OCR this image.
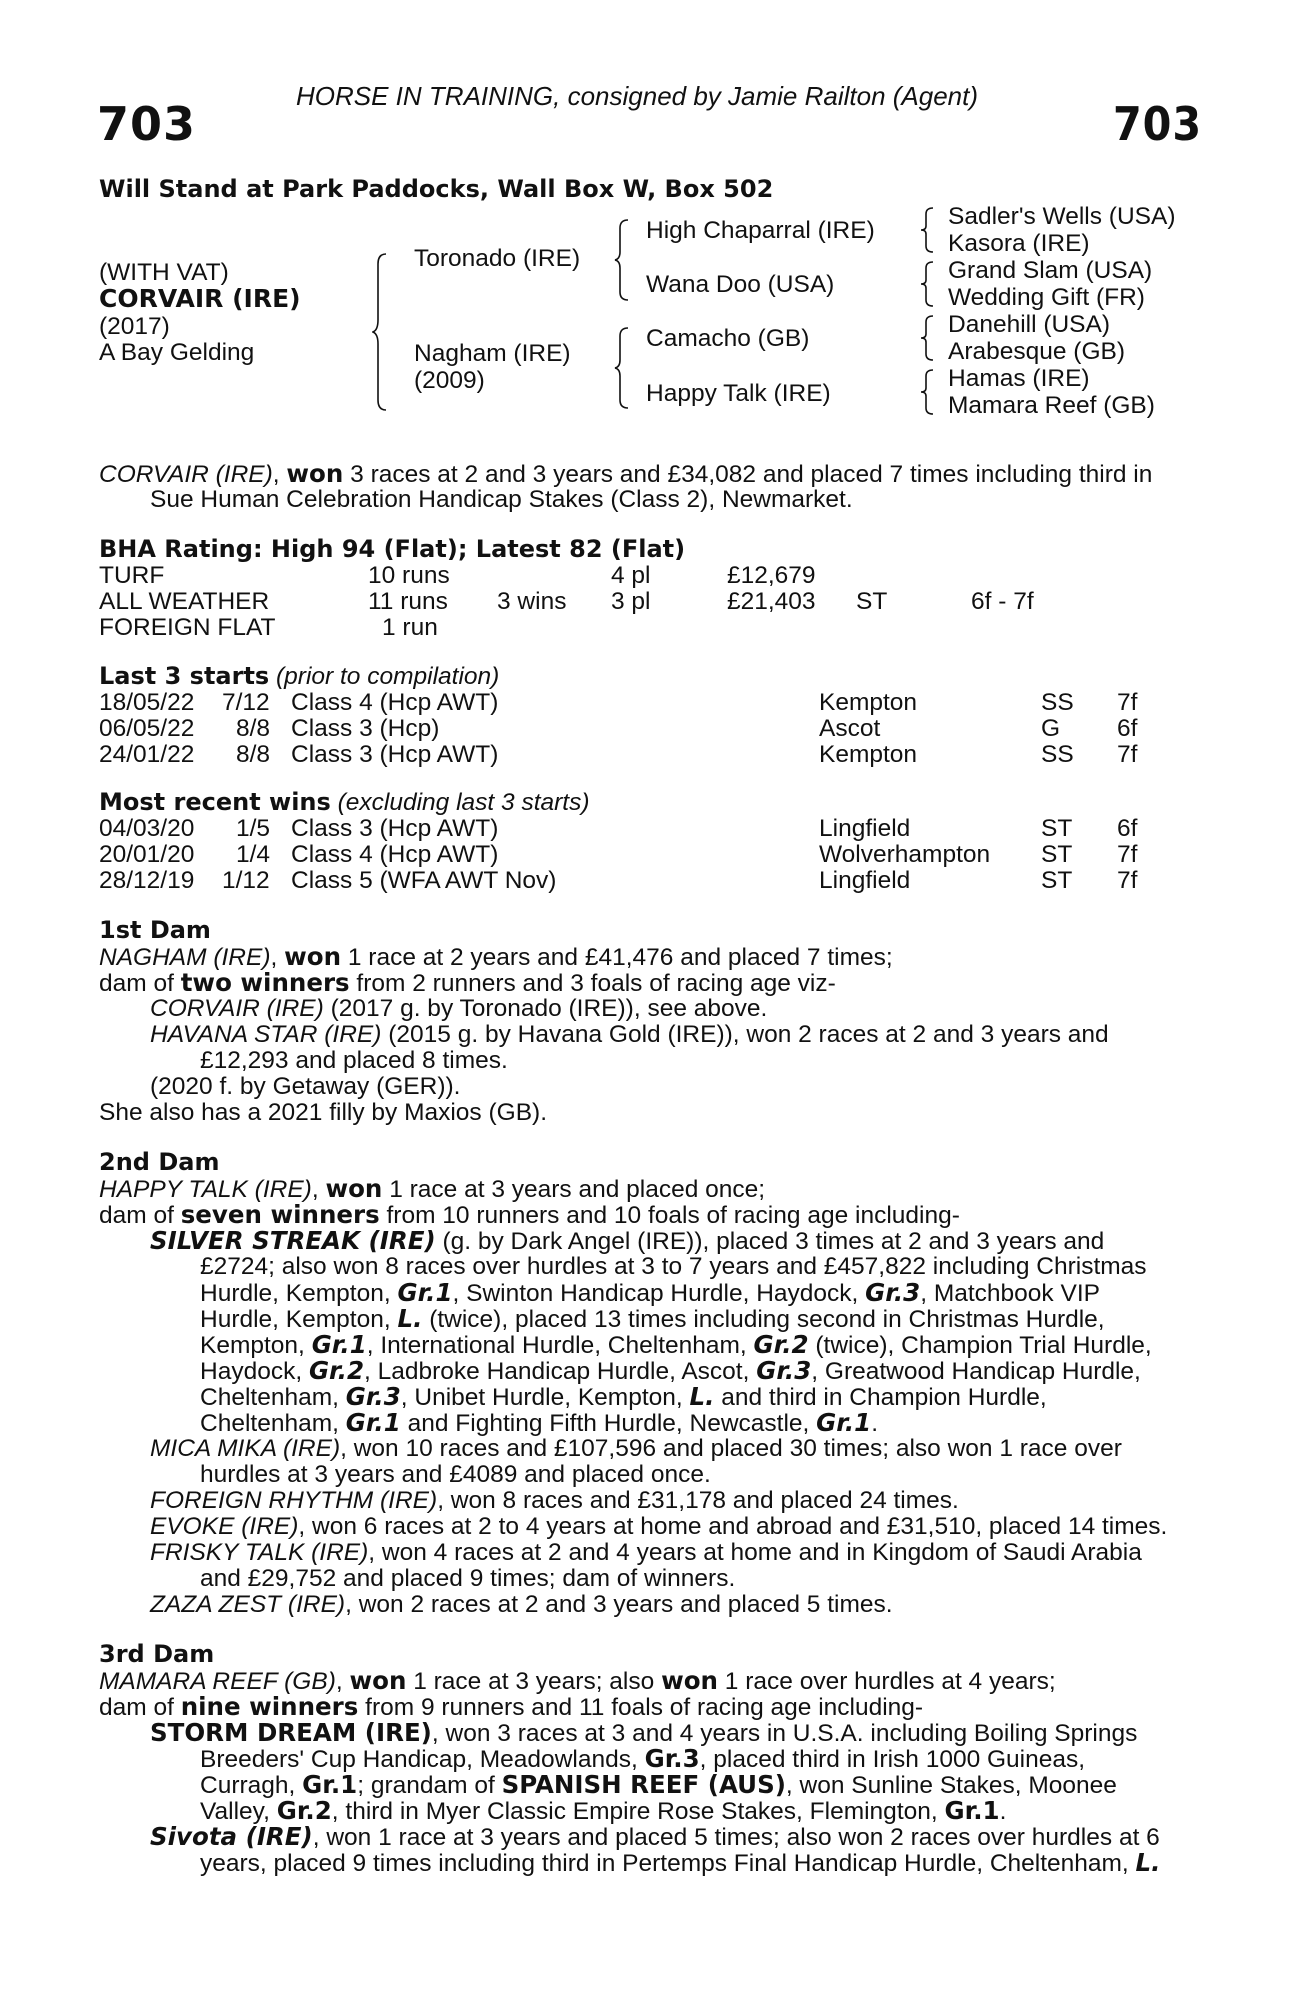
HORSE IN TRAINING, consigned by Jamie Railton (Agent)
703	703
Will Stand at Park Paddocks, Wall Box W, Box 502
(WITH VAT)
CORVAIR (IRE)
(2017)
A Bay Gelding
Toronado (IRE)
Nagham (IRE)
(2009)
High Chaparral (IRE)
Wana Doo (USA)
Camacho (GB)
Happy Talk (IRE)
Sadler's Wells (USA)
Kasora (IRE)
Grand Slam (USA)
Wedding Gift (FR)
Danehill (USA)
Arabesque (GB)
Hamas (IRE)
Mamara Reef (GB)
CORVAIR (IRE), won 3 races at 2 and 3 years and £34,082 and placed 7 times including third in
Sue Human Celebration Handicap Stakes (Class 2), Newmarket.
BHA Rating: High 94 (Flat); Latest 82 (Flat)
TURF	10 runs	4 pl	£12,679
ALL WEATHER	11 runs 3 wins 3 pl	£21,403 ST	6f - 7f
FOREIGN FLAT	1 run
Last 3 starts (prior to compilation)
18/05/22 7/12 Class 4 (Hcp AWT)	Kempton	SS 7f
06/05/22 8/8 Class 3 (Hcp)	Ascot	G 6f
24/01/22 8/8 Class 3 (Hcp AWT)	Kempton	SS 7f
Most recent wins (excluding last 3 starts)
04/03/20 1/5 Class 3 (Hcp AWT)	Lingfield	ST 6f
20/01/20 1/4 Class 4 (Hcp AWT)	Wolverhampton ST 7f
28/12/19 1/12 Class 5 (WFA AWT Nov)	Lingfield	ST 7f
1st Dam
NAGHAM (IRE), won 1 race at 2 years and £41,476 and placed 7 times;
dam of two winners from 2 runners and 3 foals of racing age viz-
CORVAIR (IRE) (2017 g. by Toronado (IRE)), see above.
HAVANA STAR (IRE) (2015 g. by Havana Gold (IRE)), won 2 races at 2 and 3 years and
£12,293 and placed 8 times.
(2020 f. by Getaway (GER)).
She also has a 2021 filly by Maxios (GB).
2nd Dam
HAPPY TALK (IRE), won 1 race at 3 years and placed once;
dam of seven winners from 10 runners and 10 foals of racing age including-
SILVER STREAK (IRE) (g. by Dark Angel (IRE)), placed 3 times at 2 and 3 years and
£2724; also won 8 races over hurdles at 3 to 7 years and £457,822 including Christmas
Hurdle, Kempton, Gr.1, Swinton Handicap Hurdle, Haydock, Gr.3, Matchbook VIP
Hurdle, Kempton, L. (twice), placed 13 times including second in Christmas Hurdle,
Kempton, Gr.1, International Hurdle, Cheltenham, Gr.2 (twice), Champion Trial Hurdle,
Haydock, Gr.2, Ladbroke Handicap Hurdle, Ascot, Gr.3, Greatwood Handicap Hurdle,
Cheltenham, Gr.3, Unibet Hurdle, Kempton, L. and third in Champion Hurdle,
Cheltenham, Gr.1 and Fighting Fifth Hurdle, Newcastle, Gr.1.
MICA MIKA (IRE), won 10 races and £107,596 and placed 30 times; also won 1 race over
hurdles at 3 years and £4089 and placed once.
FOREIGN RHYTHM (IRE), won 8 races and £31,178 and placed 24 times.
EVOKE (IRE), won 6 races at 2 to 4 years at home and abroad and £31,510, placed 14 times.
FRISKY TALK (IRE), won 4 races at 2 and 4 years at home and in Kingdom of Saudi Arabia
and £29,752 and placed 9 times; dam of winners.
ZAZA ZEST (IRE), won 2 races at 2 and 3 years and placed 5 times.
3rd Dam
MAMARA REEF (GB), won 1 race at 3 years; also won 1 race over hurdles at 4 years;
dam of nine winners from 9 runners and 11 foals of racing age including-
STORM DREAM (IRE), won 3 races at 3 and 4 years in U.S.A. including Boiling Springs
Breeders' Cup Handicap, Meadowlands, Gr.3, placed third in Irish 1000 Guineas,
Curragh, Gr.1; grandam of SPANISH REEF (AUS), won Sunline Stakes, Moonee
Valley, Gr.2, third in Myer Classic Empire Rose Stakes, Flemington, Gr.1.
Sivota (IRE), won 1 race at 3 years and placed 5 times; also won 2 races over hurdles at 6
years, placed 9 times including third in Pertemps Final Handicap Hurdle, Cheltenham, L.
